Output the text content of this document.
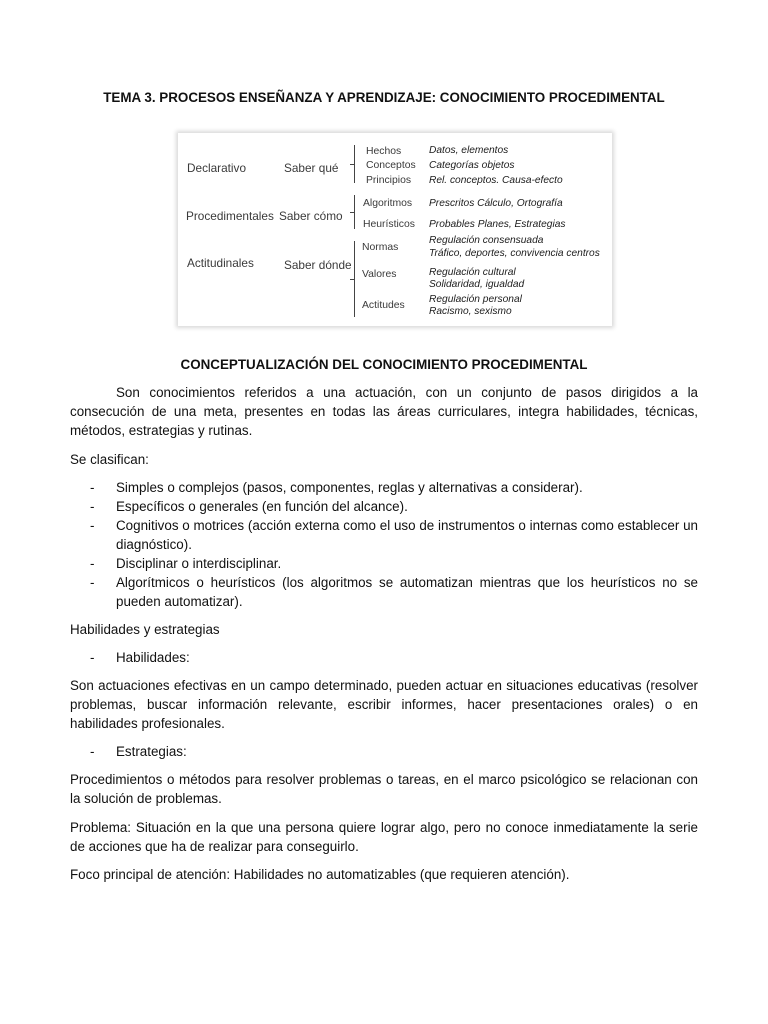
TEMA 3. PROCESOS ENSEÑANZA Y APRENDIZAJE: CONOCIMIENTO PROCEDIMENTAL
Declarativo	Saber qué
Hechos
Conceptos
Principios
Datos, elementos
Categorías objetos
Rel. conceptos. Causa-efecto
Procedimentales Saber cómo
Algoritmos
Heurísticos
Prescritos Cálculo, Ortografía
Probables Planes, Estrategias
Actitudinales	Saber dónde
Normas
Valores
Actitudes
Regulación consensuada
Tráfico, deportes, convivencia centros
Regulación cultural
Solidaridad, igualdad
Regulación personal
Racismo, sexismo
CONCEPTUALIZACIÓN DEL CONOCIMIENTO PROCEDIMENTAL
Son conocimientos referidos a una actuación, con un conjunto de pasos dirigidos a la consecución de una meta, presentes en todas las áreas curriculares, integra habilidades, técnicas, métodos, estrategias y rutinas.
Se clasifican:
- Simples o complejos (pasos, componentes, reglas y alternativas a considerar).
- Específicos o generales (en función del alcance).
- Cognitivos o motrices (acción externa como el uso de instrumentos o internas como establecer un diagnóstico).
- Disciplinar o interdisciplinar.
- Algorítmicos o heurísticos (los algoritmos se automatizan mientras que los heurísticos no se pueden automatizar).
Habilidades y estrategias
- Habilidades:
Son actuaciones efectivas en un campo determinado, pueden actuar en situaciones educativas (resolver problemas, buscar información relevante, escribir informes, hacer presentaciones orales) o en habilidades profesionales.
- Estrategias:
Procedimientos o métodos para resolver problemas o tareas, en el marco psicológico se relacionan con la solución de problemas.
Problema: Situación en la que una persona quiere lograr algo, pero no conoce inmediatamente la serie de acciones que ha de realizar para conseguirlo.
Foco principal de atención: Habilidades no automatizables (que requieren atención).
